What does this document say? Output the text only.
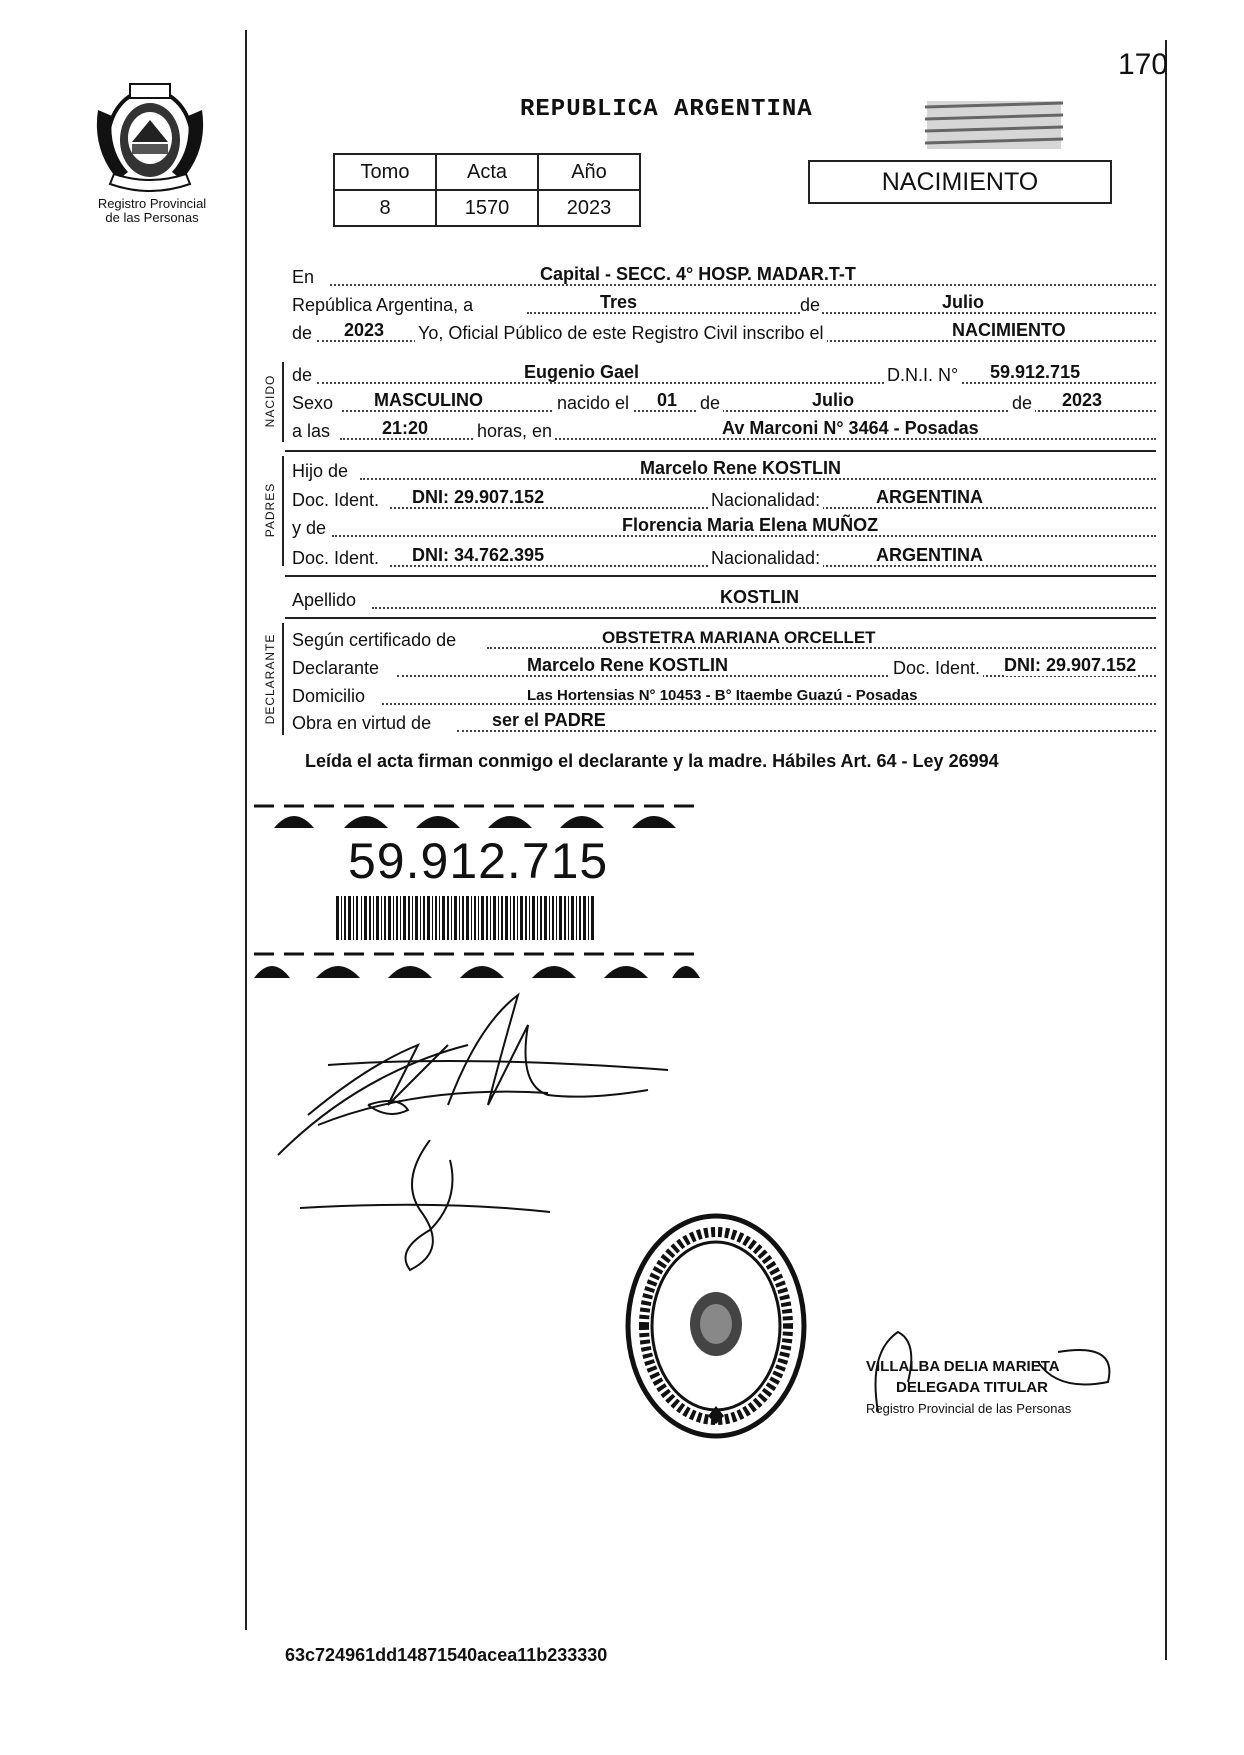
Registro Provincial
de las Personas
REPUBLICA ARGENTINA
170
Tomo	Acta	Año
8	1570	2023
NACIMIENTO
En	Capital - SECC. 4° HOSP. MADAR.T-T
República Argentina, a	Tres	de	Julio
de 2023 Yo, Oficial Público de este Registro Civil inscribo el	NACIMIENTO
NACIDO de	Eugenio Gael	D.N.I. N° 59.912.715
Sexo MASCULINO	nacido el 01 de	Julio	de 2023
a las	21:20	horas, en	Av Marconi N° 3464 - Posadas
PADRES
Hijo de	Marcelo Rene KOSTLIN
Doc. Ident. DNI: 29.907.152	Nacionalidad:	ARGENTINA
y de	Florencia Maria Elena MUÑOZ
Doc. Ident. DNI: 34.762.395	Nacionalidad:	ARGENTINA
Apellido	KOSTLIN
DECLARANTE Según certificado de	OBSTETRA MARIANA ORCELLET
Declarante	Marcelo Rene KOSTLIN	Doc. Ident. DNI: 29.907.152
Domicilio	Las Hortensias N° 10453 - B° Itaembe Guazú - Posadas
Obra en virtud de	ser el PADRE
Leída el acta firman conmigo el declarante y la madre. Hábiles Art. 64 - Ley 26994
59.912.715
VILLALBA DELIA MARIETA
DELEGADA TITULAR
Registro Provincial de las Personas
63c724961dd14871540acea11b233330
